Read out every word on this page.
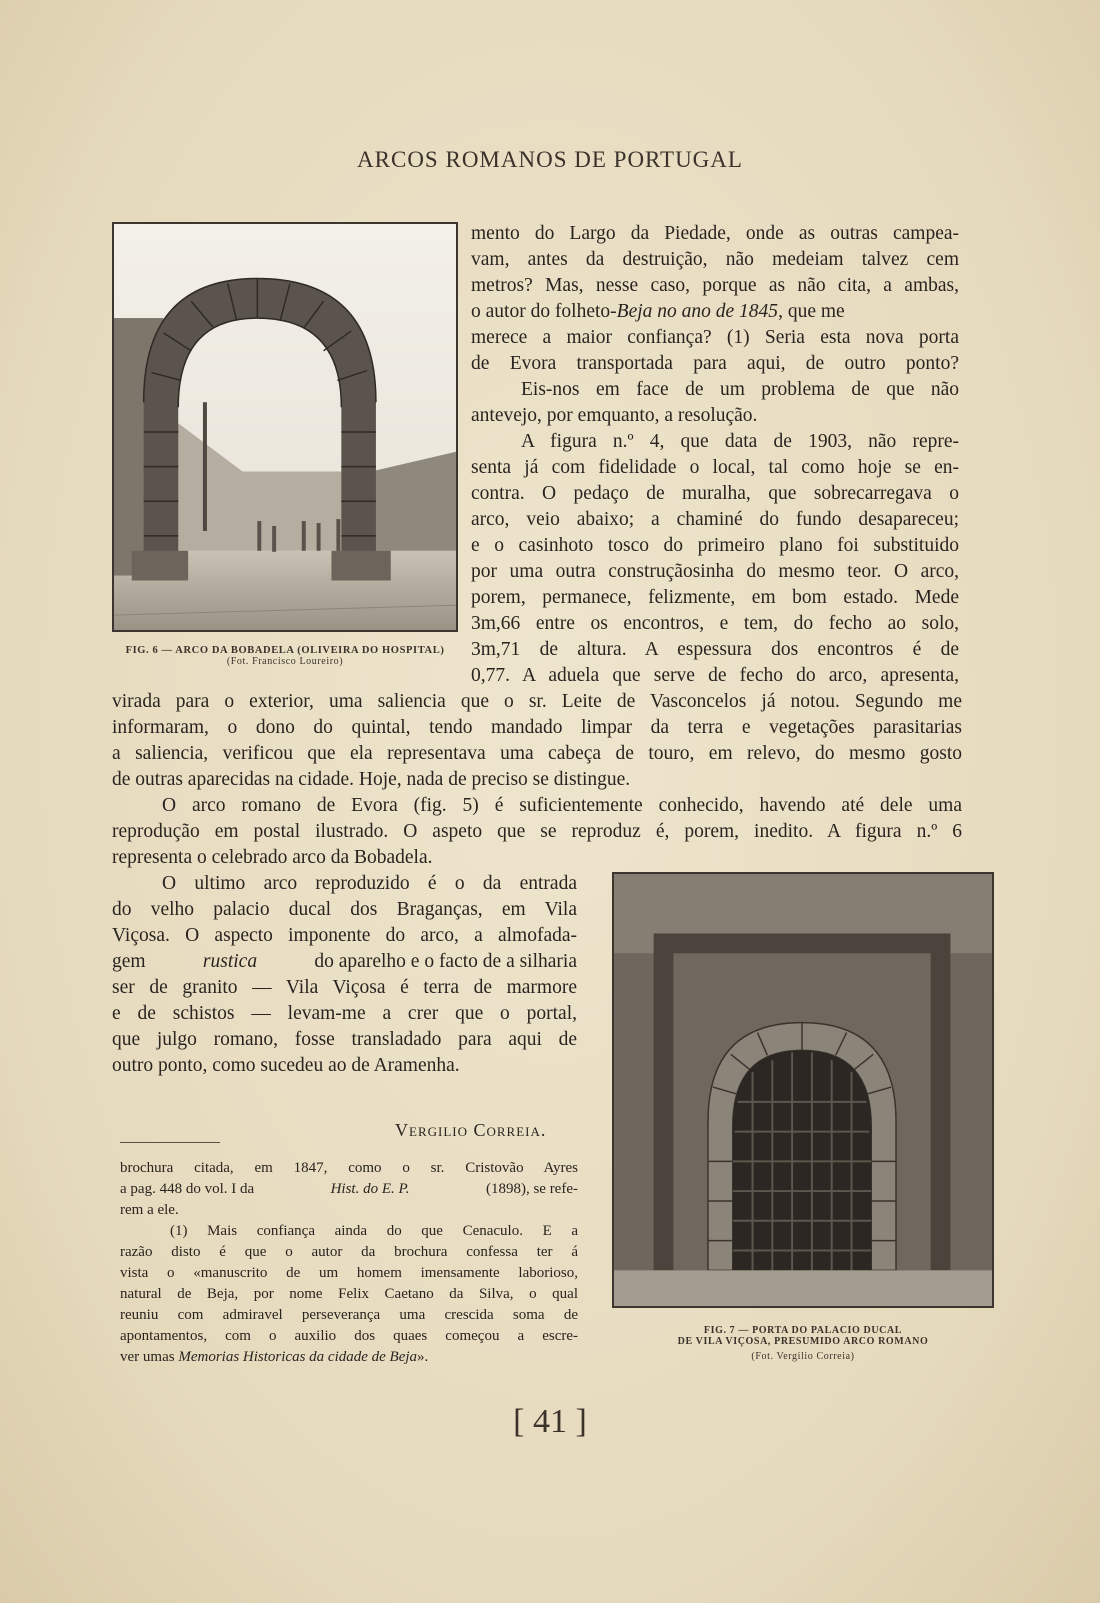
ARCOS ROMANOS DE PORTUGAL
FIG. 6 — ARCO DA BOBADELA (OLIVEIRA DO HOSPITAL)
(Fot. Francisco Loureiro)
mento do Largo da Piedade, onde as outras campea-
vam, antes da destruição, não medeiam talvez cem
metros? Mas, nesse caso, porque as não cita, a ambas,
o autor do folheto-Beja no ano de 1845, que me
merece a maior confiança? (1) Seria esta nova porta
de Evora transportada para aqui, de outro ponto?
Eis-nos em face de um problema de que não
antevejo, por emquanto, a resolução.
A figura n.º 4, que data de 1903, não repre-
senta já com fidelidade o local, tal como hoje se en-
contra. O pedaço de muralha, que sobrecarregava o
arco, veio abaixo; a chaminé do fundo desapareceu;
e o casinhoto tosco do primeiro plano foi substituido
por uma outra construçãosinha do mesmo teor. O arco,
porem, permanece, felizmente, em bom estado. Mede
3m,66 entre os encontros, e tem, do fecho ao solo,
3m,71 de altura. A espessura dos encontros é de
0,77. A aduela que serve de fecho do arco, apresenta,
virada para o exterior, uma saliencia que o sr. Leite de Vasconcelos já notou. Segundo me
informaram, o dono do quintal, tendo mandado limpar da terra e vegetações parasitarias
a saliencia, verificou que ela representava uma cabeça de touro, em relevo, do mesmo gosto
de outras aparecidas na cidade. Hoje, nada de preciso se distingue.
O arco romano de Evora (fig. 5) é suficientemente conhecido, havendo até dele uma
reprodução em postal ilustrado. O aspeto que se reproduz é, porem, inedito. A figura n.º 6
representa o celebrado arco da Bobadela.
O ultimo arco reproduzido é o da entrada
do velho palacio ducal dos Braganças, em Vila
Viçosa. O aspecto imponente do arco, a almofada-
gem	rustica	do aparelho e o facto de a silharia
ser de granito — Vila Viçosa é terra de marmore
e de schistos — levam-me a crer que o portal,
que julgo romano, fosse transladado para aqui de
outro ponto, como sucedeu ao de Aramenha.
Vergilio Correia.
brochura citada, em 1847, como o sr. Cristovão Ayres
a pag. 448 do vol. I da	Hist. do E. P.	(1898), se refe-
rem a ele.
(1) Mais confiança ainda do que Cenaculo. E a
razão disto é que o autor da brochura confessa ter á
vista o «manuscrito de um homem imensamente laborioso,
natural de Beja, por nome Felix Caetano da Silva, o qual
reuniu com admiravel perseverança uma crescida soma de
apontamentos, com o auxilio dos quaes começou a escre-
ver umas Memorias Historicas da cidade de Beja».
FIG. 7 — PORTA DO PALACIO DUCAL
DE VILA VIÇOSA, PRESUMIDO ARCO ROMANO
(Fot. Vergilio Correia)
[ 41 ]
